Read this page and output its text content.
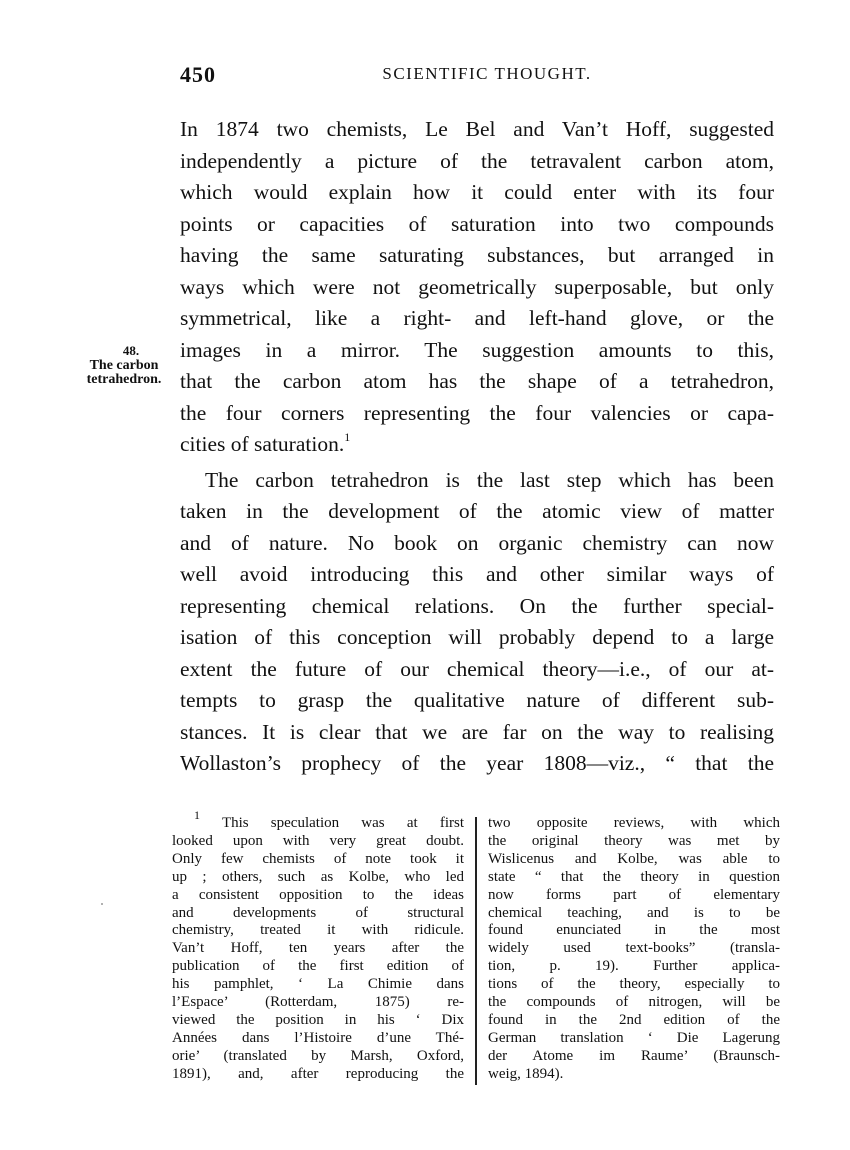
450	SCIENTIFIC THOUGHT.
48.
The carbon
tetrahedron.
In 1874 two chemists, Le Bel and Van’t Hoff, suggested
independently a picture of the tetravalent carbon atom,
which would explain how it could enter with its four
points or capacities of saturation into two compounds
having the same saturating substances, but arranged in
ways which were not geometrically superposable, but only
symmetrical, like a right- and left-hand glove, or the
images in a mirror. The suggestion amounts to this,
that the carbon atom has the shape of a tetrahedron,
the four corners representing the four valencies or capa-
cities of saturation.$^1$
The carbon tetrahedron is the last step which has been
taken in the development of the atomic view of matter
and of nature. No book on organic chemistry can now
well avoid introducing this and other similar ways of
representing chemical relations. On the further special-
isation of this conception will probably depend to a large
extent the future of our chemical theory—i.e., of our at-
tempts to grasp the qualitative nature of different sub-
stances. It is clear that we are far on the way to realising
Wollaston’s prophecy of the year 1808—viz., “ that the
$^1$ This speculation was at first
looked upon with very great doubt.
Only few chemists of note took it
up ; others, such as Kolbe, who led
a consistent opposition to the ideas
and developments of structural
chemistry, treated it with ridicule.
Van’t Hoff, ten years after the
publication of the first edition of
his pamphlet, ‘ La Chimie dans
l’Espace’ (Rotterdam, 1875) re-
viewed the position in his ‘ Dix
Années dans l’Histoire d’une Thé-
orie’ (translated by Marsh, Oxford,
1891), and, after reproducing the
two opposite reviews, with which
the original theory was met by
Wislicenus and Kolbe, was able to
state “ that the theory in question
now forms part of elementary
chemical teaching, and is to be
found enunciated in the most
widely used text-books” (transla-
tion, p. 19). Further applica-
tions of the theory, especially to
the compounds of nitrogen, will be
found in the 2nd edition of the
German translation ‘ Die Lagerung
der Atome im Raume’ (Braunsch-
weig, 1894).
